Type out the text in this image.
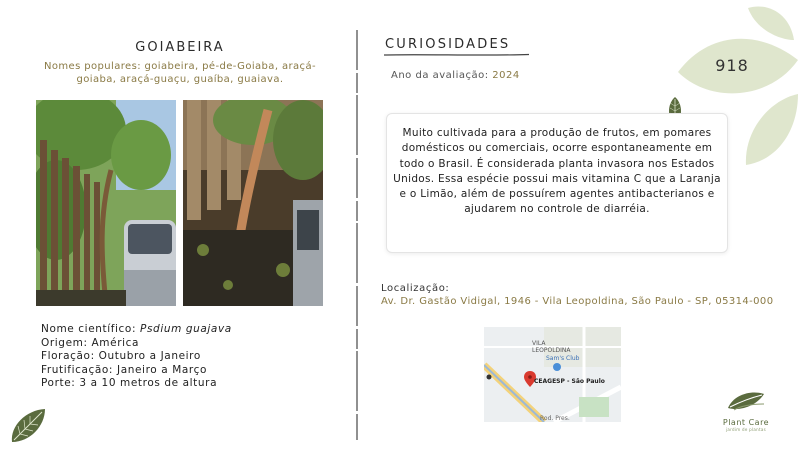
GOIABEIRA
Nomes populares: goiabeira, pé-de-Goiaba, araçá-goiaba, araçá-guaçu, guaíba, guaiava.
Nome científico: Psdium guajava
Origem: América
Floração: Outubro a Janeiro
Frutificação: Janeiro a Março
Porte: 3 a 10 metros de altura
CURIOSIDADES
Ano da avaliação: 2024
918
Muito cultivada para a produção de frutos, em pomares domésticos ou comerciais, ocorre espontaneamente em todo o Brasil. É considerada planta invasora nos Estados Unidos. Essa espécie possui mais vitamina C que a Laranja e o Limão, além de possuírem agentes antibacterianos e ajudarem no controle de diarréia.
Localização:
Av. Dr. Gastão Vidigal, 1946 - Vila Leopoldina, São Paulo - SP, 05314-000
VILA LEOPOLDINA
Sam's Club
CEAGESP - São Paulo
Rod. Pres.	Plant Care
jardim de plantas
